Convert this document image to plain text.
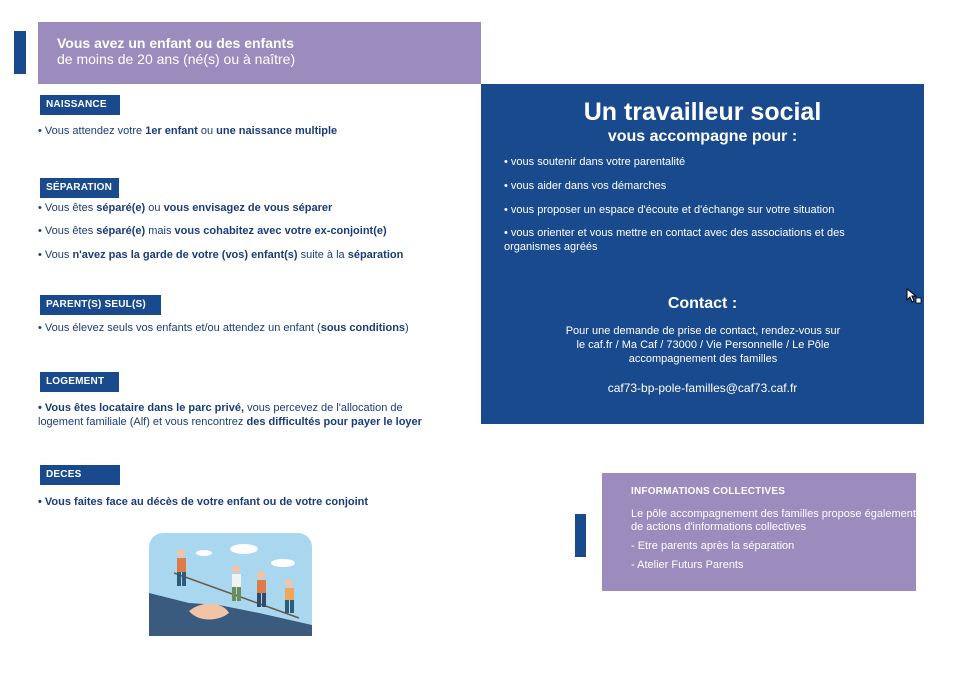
Vous avez un enfant ou des enfants
de moins de 20 ans (né(s) ou à naître)
NAISSANCE
• Vous attendez votre 1er enfant ou une naissance multiple
SÉPARATION
• Vous êtes séparé(e) ou vous envisagez de vous séparer
• Vous êtes séparé(e) mais vous cohabitez avec votre ex-conjoint(e)
• Vous n'avez pas la garde de votre (vos) enfant(s) suite à la séparation
PARENT(S) SEUL(S)
• Vous élevez seuls vos enfants et/ou attendez un enfant (sous conditions)
LOGEMENT
• Vous êtes locataire dans le parc privé, vous percevez de l'allocation de
logement familiale (Alf) et vous rencontrez des difficultés pour payer le loyer
DECES
• Vous faites face au décès de votre enfant ou de votre conjoint
Un travailleur social
vous accompagne pour :
• vous soutenir dans votre parentalité
• vous aider dans vos démarches
• vous proposer un espace d'écoute et d'échange sur votre situation
• vous orienter et vous mettre en contact avec des associations et des organismes agréés
Contact :
Pour une demande de prise de contact, rendez-vous sur le caf.fr / Ma Caf / 73000 / Vie Personnelle / Le Pôle accompagnement des familles
caf73-bp-pole-familles@caf73.caf.fr
INFORMATIONS COLLECTIVES
Le pôle accompagnement des familles propose également de actions d'informations collectives
- Etre parents après la séparation
- Atelier Futurs Parents
